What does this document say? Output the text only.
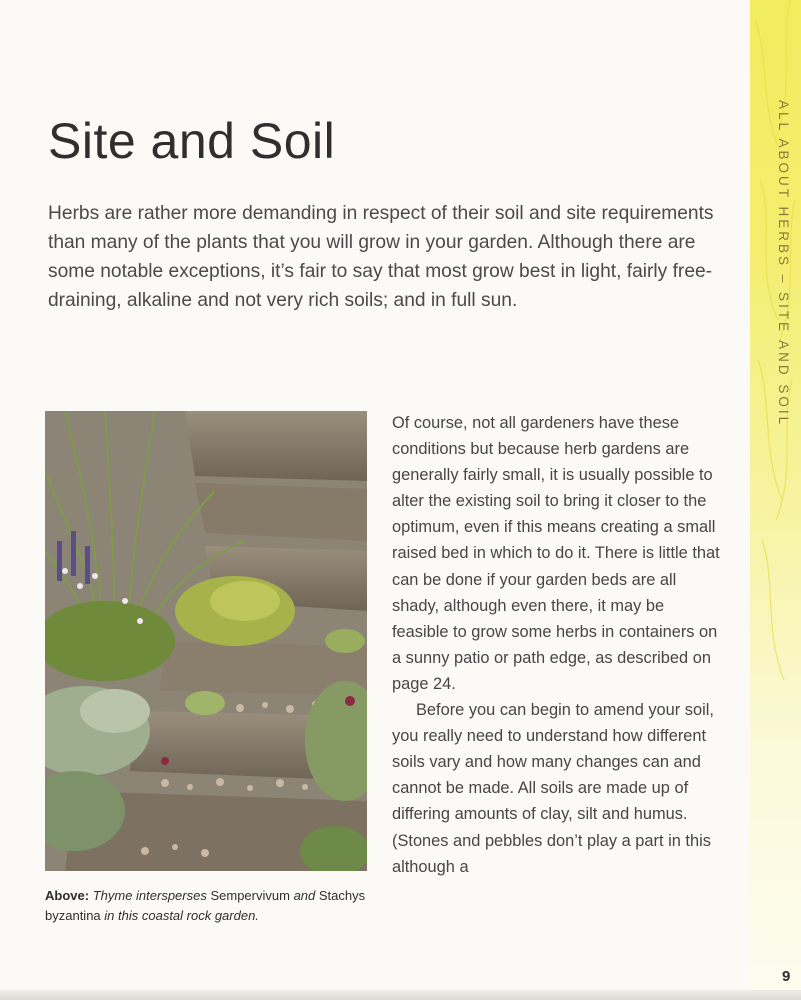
ALL ABOUT HERBS – SITE AND SOIL
Site and Soil

Herbs are rather more demanding in respect of their soil and site requirements than many of the plants that you will grow in your garden. Although there are some notable exceptions, it’s fair to say that most grow best in light, fairly free-draining, alkaline and not very rich soils; and in full sun.

Above: Thyme intersperses Sempervivum and Stachys byzantina in this coastal rock garden.

Of course, not all gardeners have these conditions but because herb gardens are generally fairly small, it is usually possible to alter the existing soil to bring it closer to the optimum, even if this means creating a small raised bed in which to do it. There is little that can be done if your garden beds are all shady, although even there, it may be feasible to grow some herbs in containers on a sunny patio or path edge, as described on page 24.

Before you can begin to amend your soil, you really need to understand how different soils vary and how many changes can and cannot be made. All soils are made up of differing amounts of clay, silt and humus. (Stones and pebbles don’t play a part in this although a

9
